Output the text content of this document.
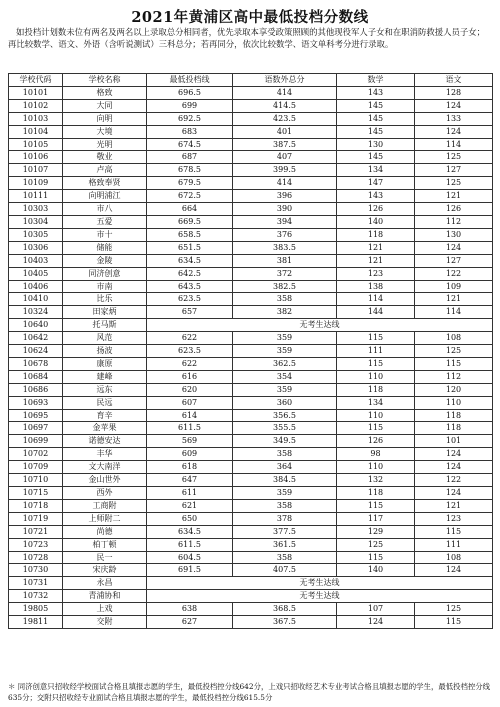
2021年黄浦区高中最低投档分数线
如投档计划数未位有两名及两名以上录取总分相同者，优先录取本享受政策照顾的其他现役军人子女和在职消防救援人员子女；再比较数学、语文、外语（含听说测试）三科总分；若再同分，依次比较数学、语文单科考分进行录取。
学校代码	学校名称	最低投档线	语数外总分	数学	语文
10101	格致	696.5	414	143	128
10102	大同	699	414.5	145	124
10103	向明	692.5	423.5	145	133
10104	大境	683	401	145	124
10105	光明	674.5	387.5	130	114
10106	敬业	687	407	145	125
10107	卢高	678.5	399.5	134	127
10109	格致奉贤	679.5	414	147	125
10111	向明浦江	672.5	396	143	121
10303	市八	664	390	126	126
10304	五爱	669.5	394	140	112
10305	市十	658.5	376	118	130
10306	储能	651.5	383.5	121	124
10403	金陵	634.5	381	121	127
10405	同济创意	642.5	372	123	122
10406	市南	643.5	382.5	138	109
10410	比乐	623.5	358	114	121
10324	田家炳	657	382	144	114
10640	托马斯	无考生达线			
10642	风范	622	359	115	108
10624	扬波	623.5	359	111	125
10678	康原	622	362.5	115	115
10684	建峰	616	354	110	112
10686	远东	620	359	118	120
10693	民远	607	360	134	110
10695	育辛	614	356.5	110	118
10697	金苹果	611.5	355.5	115	118
10699	诺德安达	569	349.5	126	101
10702	丰华	609	358	98	124
10709	文大南洋	618	364	110	124
10710	金山世外	647	384.5	132	122
10715	西外	611	359	118	124
10718	工商附	621	358	115	121
10719	上师附二	650	378	117	123
10721	尚德	634.5	377.5	129	115
10723	柏丁顿	611.5	361.5	125	111
10728	民一	604.5	358	115	108
10730	宋庆龄	691.5	407.5	140	124
10731	永昌	无考生达线			
10732	青浦协和	无考生达线			
19805	上戏	638	368.5	107	125
19811	交附	627	367.5	124	115
＊ 同济创意只招收经学校面试合格且填报志愿的学生，最低投档控分线642分，上戏只招收经艺术专业考试合格且填报志愿的学生，最低投档控分线635分；交附只招收经专业面试合格且填报志愿的学生，最低投档控分线615.5分
